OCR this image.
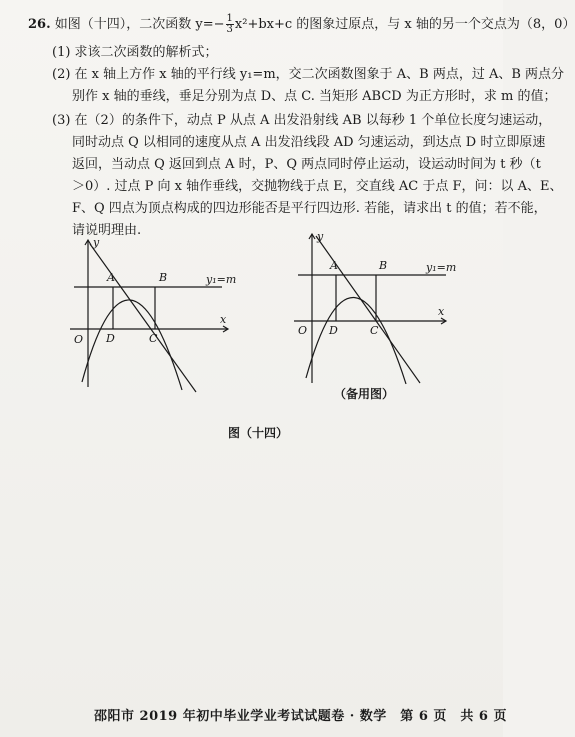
26. 如图（十四），二次函数 $y=- \frac{1}{3} x^2+bx+c$ 的图象过原点，与 x 轴的另一个交点为（8，0）
(1) 求该二次函数的解析式；
(2) 在 x 轴上方作 x 轴的平行线 y₁=m，交二次函数图象于 A、B 两点，过 A、B 两点分
别作 x 轴的垂线，垂足分别为点 D、点 C. 当矩形 ABCD 为正方形时，求 m 的值；
(3) 在（2）的条件下，动点 P 从点 A 出发沿射线 AB 以每秒 1 个单位长度匀速运动，
同时动点 Q 以相同的速度从点 A 出发沿线段 AD 匀速运动，到达点 D 时立即原速
返回，当动点 Q 返回到点 A 时，P、Q 两点同时停止运动，设运动时间为 t 秒（t
＞0）. 过点 P 向 x 轴作垂线，交抛物线于点 E，交直线 AC 于点 F，问：以 A、E、
F、Q 四点为顶点构成的四边形能否是平行四边形. 若能，请求出 t 的值；若不能，
请说明理由.
y
x
O
A	B
C
D
y₁=m
y
x
O
A	B
C
D
y₁=m
（备用图）
图（十四）
邵阳市 2019 年初中毕业学业考试试题卷 · 数学　第 6 页　共 6 页
